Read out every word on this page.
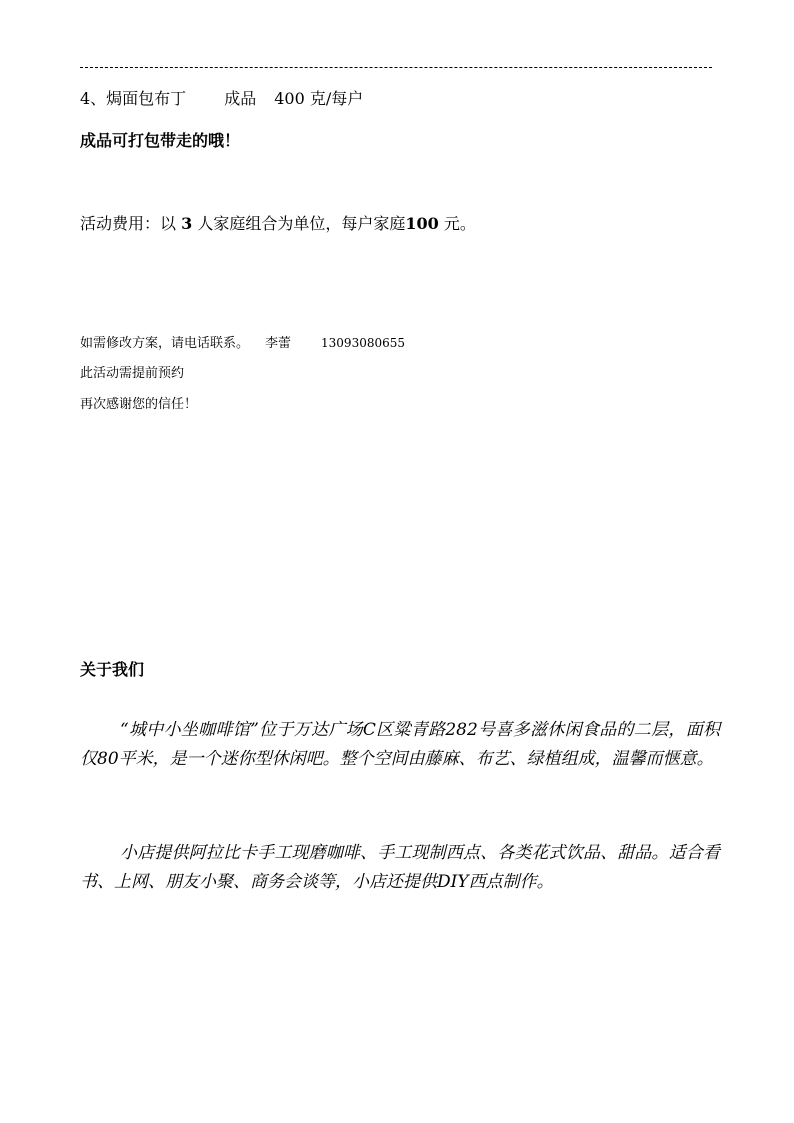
4、焗面包布丁 成品 400 克/每户
成品可打包带走的哦！
活动费用：以 3 人家庭组合为单位，每户家庭100 元。
如需修改方案，请电话联系。 李蕾	13093080655
此活动需提前预约
再次感谢您的信任！
关于我们

“城中小坐咖啡馆”位于万达广场C区粱青路282号喜多滋休闲食品的二层，面积仅80平米，是一个迷你型休闲吧。整个空间由藤麻、布艺、绿植组成，温馨而惬意。

小店提供阿拉比卡手工现磨咖啡、手工现制西点、各类花式饮品、甜品。适合看书、上网、朋友小聚、商务会谈等，小店还提供DIY西点制作。
